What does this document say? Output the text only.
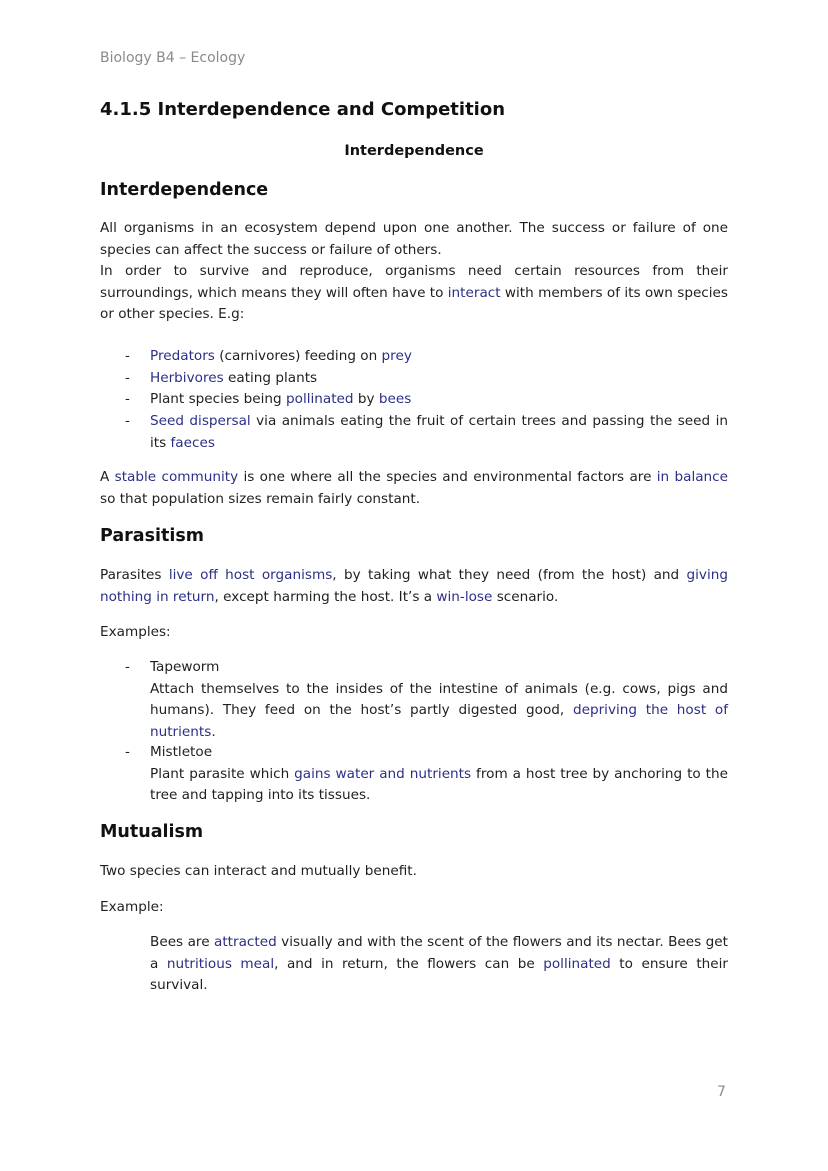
Biology B4 – Ecology
4.1.5 Interdependence and Competition
Interdependence
Interdependence

All organisms in an ecosystem depend upon one another. The success or failure of one species can affect the success or failure of others.
In order to survive and reproduce, organisms need certain resources from their surroundings, which means they will often have to interact with members of its own species or other species. E.g:

- Predators (carnivores) feeding on prey

- Herbivores eating plants

- Plant species being pollinated by bees

- Seed dispersal via animals eating the fruit of certain trees and passing the seed in its faeces

A stable community is one where all the species and environmental factors are in balance so that population sizes remain fairly constant.

Parasitism

Parasites live off host organisms, by taking what they need (from the host) and giving nothing in return, except harming the host. It’s a win-lose scenario.

Examples:

- Tapeworm
Attach themselves to the insides of the intestine of animals (e.g. cows, pigs and humans). They feed on the host’s partly digested good, depriving the host of nutrients.

- Mistletoe
Plant parasite which gains water and nutrients from a host tree by anchoring to the tree and tapping into its tissues.

Mutualism

Two species can interact and mutually benefit.

Example:

Bees are attracted visually and with the scent of the flowers and its nectar. Bees get a nutritious meal, and in return, the flowers can be pollinated to ensure their survival.

7
